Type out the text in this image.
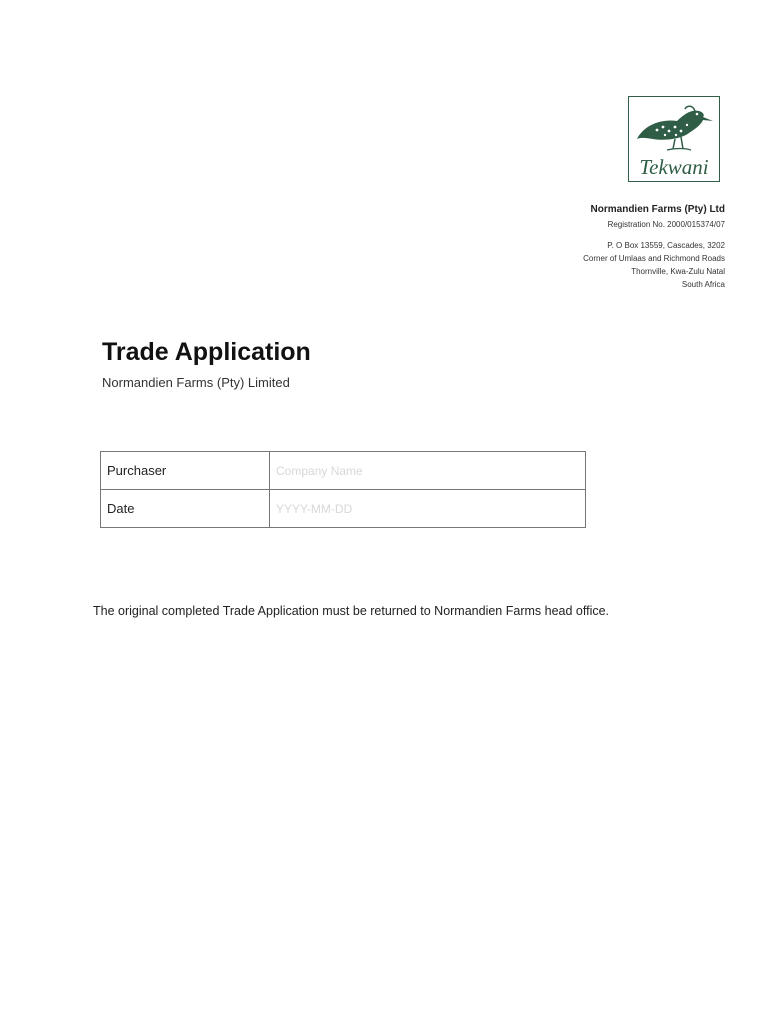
Tekwani
Normandien Farms (Pty) Ltd
Registration No. 2000/015374/07
P. O Box 13559, Cascades, 3202
Corner of Umlaas and Richmond Roads
Thornville, Kwa-Zulu Natal
South Africa
Trade Application
Normandien Farms (Pty) Limited
Purchaser	Company Name
Date	YYYY-MM-DD
The original completed Trade Application must be returned to Normandien Farms head office.
